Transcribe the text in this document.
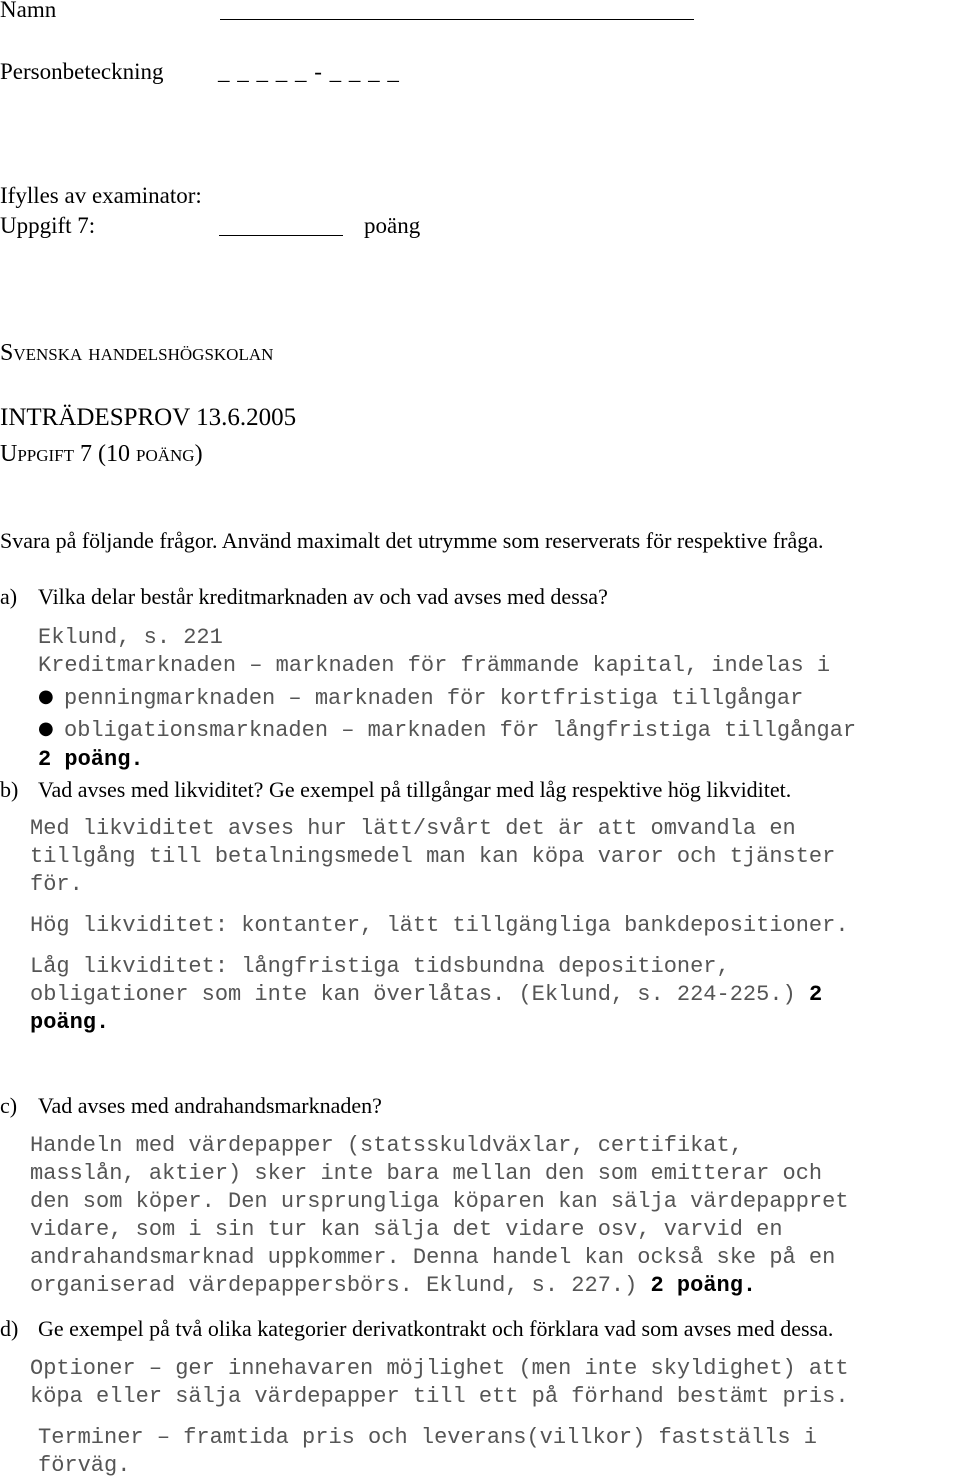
Namn
Personbeteckning _ _ _ _ _ - _ _ _ _
Ifylles av examinator:
Uppgift 7:	poäng
Svenska handelshögskolan
INTRÄDESPROV 13.6.2005
Uppgift 7 (10 poäng)
Svara på följande frågor. Använd maximalt det utrymme som reserverats för respektive fråga.
a) Vilka delar består kreditmarknaden av och vad avses med dessa?
Eklund, s. 221
Kreditmarknaden – marknaden för främmande kapital, indelas i
● penningmarknaden – marknaden för kortfristiga tillgångar
● obligationsmarknaden – marknaden för långfristiga tillgångar
2 poäng.
b) Vad avses med likviditet? Ge exempel på tillgångar med låg respektive hög likviditet.
Med likviditet avses hur lätt/svårt det är att omvandla en
tillgång till betalningsmedel man kan köpa varor och tjänster
för.
Hög likviditet: kontanter, lätt tillgängliga bankdepositioner.
Låg likviditet: långfristiga tidsbundna depositioner,
obligationer som inte kan överlåtas. (Eklund, s. 224-225.) 2
poäng.
c) Vad avses med andrahandsmarknaden?
Handeln med värdepapper (statsskuldväxlar, certifikat,
masslån, aktier) sker inte bara mellan den som emitterar och
den som köper. Den ursprungliga köparen kan sälja värdepappret
vidare, som i sin tur kan sälja det vidare osv, varvid en
andrahandsmarknad uppkommer. Denna handel kan också ske på en
organiserad värdepappersbörs. Eklund, s. 227.) 2 poäng.
d) Ge exempel på två olika kategorier derivatkontrakt och förklara vad som avses med dessa.
Optioner – ger innehavaren möjlighet (men inte skyldighet) att
köpa eller sälja värdepapper till ett på förhand bestämt pris.
Terminer – framtida pris och leverans(villkor) fastställs i
förväg.
